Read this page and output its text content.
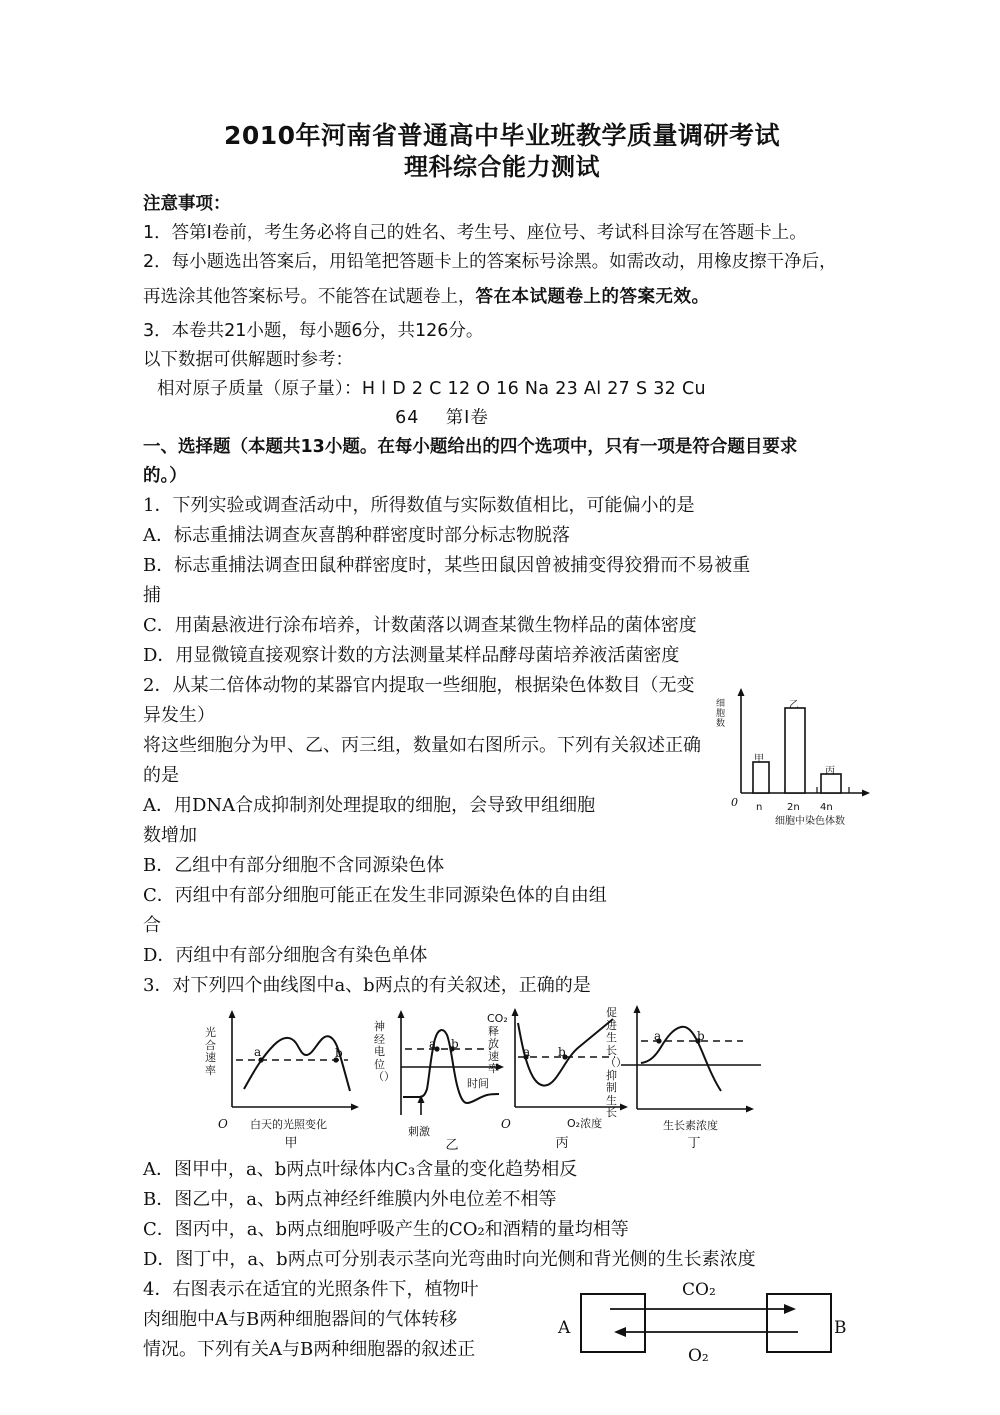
2010年河南省普通高中毕业班教学质量调研考试
理科综合能力测试
注意事项：
1．答第I卷前，考生务必将自己的姓名、考生号、座位号、考试科目涂写在答题卡上。
2．每小题选出答案后，用铅笔把答题卡上的答案标号涂黑。如需改动，用橡皮擦干净后，
再选涂其他答案标号。不能答在试题卷上，答在本试题卷上的答案无效。
3．本卷共21小题，每小题6分，共126分。
以下数据可供解题时参考：
相对原子质量（原子量）：H l D 2 C 12 O 16 Na 23 Al 27 S 32 Cu
64 第I卷
一、选择题（本题共13小题。在每小题给出的四个选项中，只有一项是符合题目要求
的。）
1．下列实验或调查活动中，所得数值与实际数值相比，可能偏小的是
A．标志重捕法调查灰喜鹊种群密度时部分标志物脱落
B．标志重捕法调查田鼠种群密度时，某些田鼠因曾被捕变得狡猾而不易被重
捕
C．用菌悬液进行涂布培养，计数菌落以调查某微生物样品的菌体密度
D．用显微镜直接观察计数的方法测量某样品酵母菌培养液活菌密度
2．从某二倍体动物的某器官内提取一些细胞，根据染色体数目（无变异发生）
将这些细胞分为甲、乙、丙三组，数量如右图所示。下列有关叙述正确的是
A．用DNA合成抑制剂处理提取的细胞，会导致甲组细胞
数增加
B．乙组中有部分细胞不含同源染色体
C．丙组中有部分细胞可能正在发生非同源染色体的自由组
合
D．丙组中有部分细胞含有染色单体
细胞数
0 n 2n 4n
甲
乙
丙
细胞中染色体数
3．对下列四个曲线图中a、b两点的有关叙述，正确的是
光合速率
a	b
O 白天的光照变化
甲
神经电位（）
a b
时间
刺激
乙
CO₂释放速率
a b
O	O₂浓度
丙
促进生长（）抑制生长
a	b
生长素浓度
丁
A．图甲中，a、b两点叶绿体内C₃含量的变化趋势相反
B．图乙中，a、b两点神经纤维膜内外电位差不相等
C．图丙中，a、b两点细胞呼吸产生的CO₂和酒精的量均相等
D．图丁中，a、b两点可分别表示茎向光弯曲时向光侧和背光侧的生长素浓度
4．右图表示在适宜的光照条件下，植物叶
肉细胞中A与B两种细胞器间的气体转移
情况。下列有关A与B两种细胞器的叙述正
A	B
CO₂
O₂
